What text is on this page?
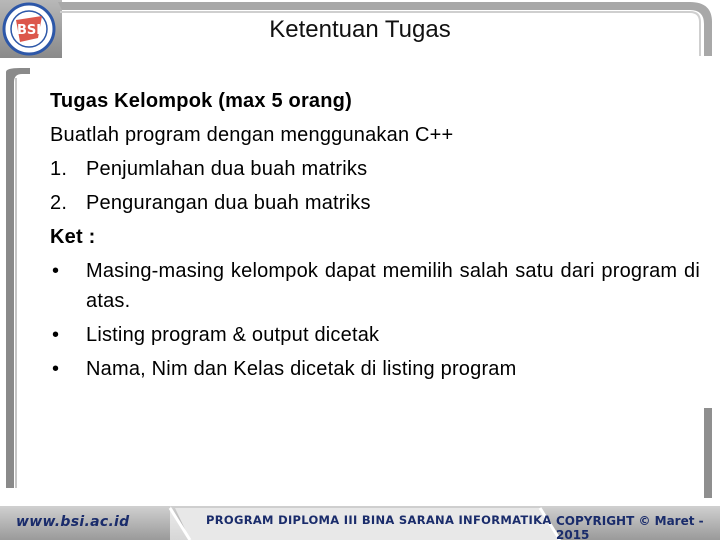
BSI	Ketentuan Tugas
Tugas Kelompok (max 5 orang)
Buatlah program dengan menggunakan C++
1. Penjumlahan dua buah matriks
2. Pengurangan dua buah matriks
Ket :
•	Masing-masing kelompok dapat memilih salah satu dari program di atas.
•	Listing program & output dicetak
•	Nama, Nim dan Kelas dicetak di listing program
www.bsi.ac.id	PROGRAM DIPLOMA III BINA SARANA INFORMATIKA COPYRIGHT © Maret - 2015
